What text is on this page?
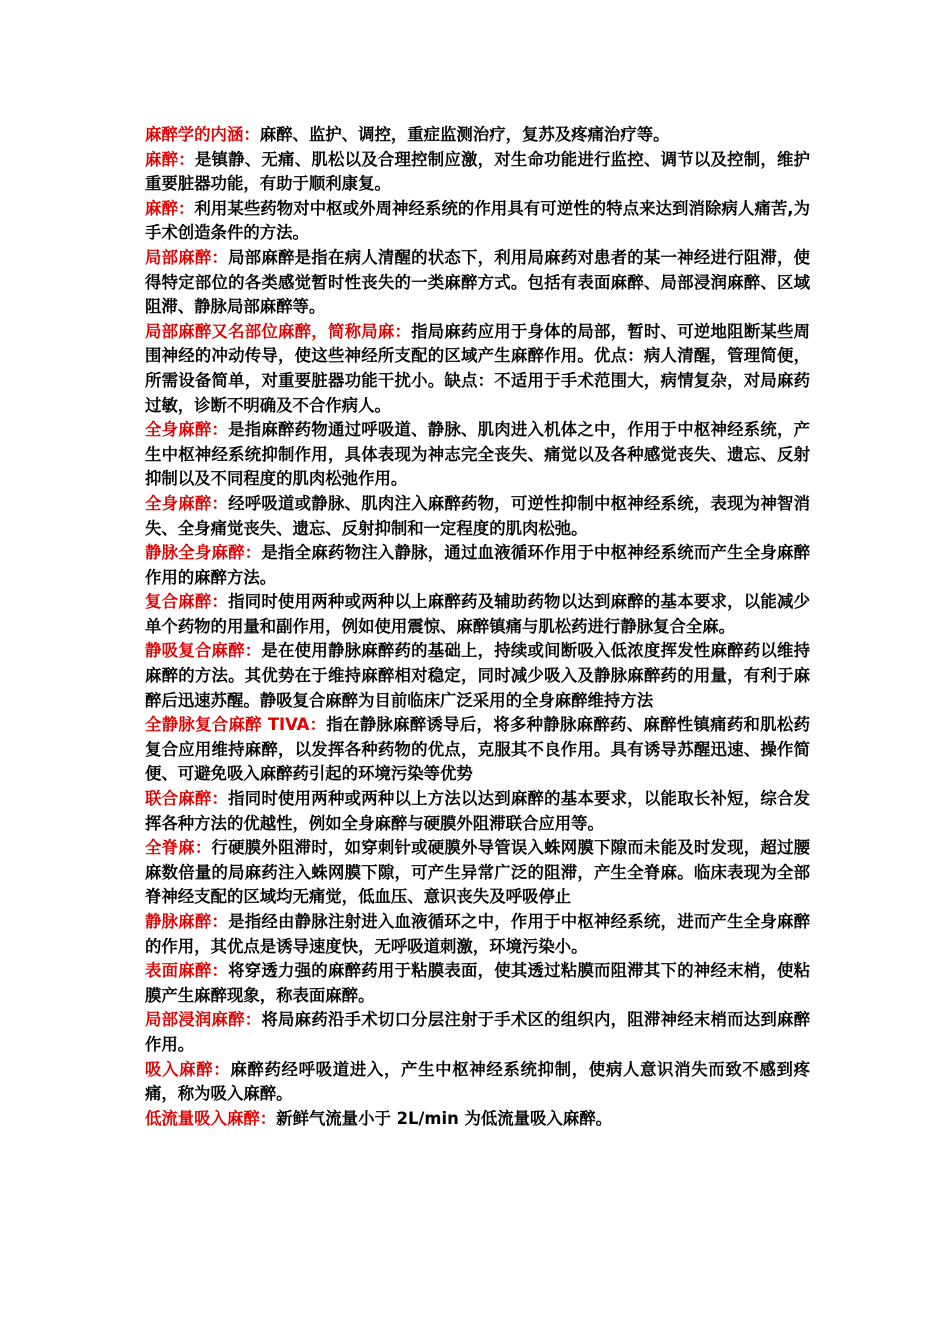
麻醉学的内涵：麻醉、监护、调控，重症监测治疗，复苏及疼痛治疗等。

麻醉：是镇静、无痛、肌松以及合理控制应激，对生命功能进行监控、调节以及控制，维护重要脏器功能，有助于顺利康复。

麻醉：利用某些药物对中枢或外周神经系统的作用具有可逆性的特点来达到消除病人痛苦,为手术创造条件的方法。

局部麻醉：局部麻醉是指在病人清醒的状态下，利用局麻药对患者的某一神经进行阻滞，使得特定部位的各类感觉暂时性丧失的一类麻醉方式。包括有表面麻醉、局部浸润麻醉、区域阻滞、静脉局部麻醉等。

局部麻醉又名部位麻醉，简称局麻：指局麻药应用于身体的局部，暂时、可逆地阻断某些周围神经的冲动传导，使这些神经所支配的区域产生麻醉作用。优点：病人清醒，管理简便，所需设备简单，对重要脏器功能干扰小。缺点：不适用于手术范围大，病情复杂，对局麻药过敏，诊断不明确及不合作病人。

全身麻醉：是指麻醉药物通过呼吸道、静脉、肌肉进入机体之中，作用于中枢神经系统，产生中枢神经系统抑制作用，具体表现为神志完全丧失、痛觉以及各种感觉丧失、遗忘、反射抑制以及不同程度的肌肉松弛作用。

全身麻醉：经呼吸道或静脉、肌肉注入麻醉药物，可逆性抑制中枢神经系统，表现为神智消失、全身痛觉丧失、遗忘、反射抑制和一定程度的肌肉松弛。

静脉全身麻醉：是指全麻药物注入静脉，通过血液循环作用于中枢神经系统而产生全身麻醉作用的麻醉方法。

复合麻醉：指同时使用两种或两种以上麻醉药及辅助药物以达到麻醉的基本要求，以能减少单个药物的用量和副作用，例如使用震惊、麻醉镇痛与肌松药进行静脉复合全麻。

静吸复合麻醉：是在使用静脉麻醉药的基础上，持续或间断吸入低浓度挥发性麻醉药以维持麻醉的方法。其优势在于维持麻醉相对稳定，同时减少吸入及静脉麻醉药的用量，有利于麻醉后迅速苏醒。静吸复合麻醉为目前临床广泛采用的全身麻醉维持方法

全静脉复合麻醉 TIVA：指在静脉麻醉诱导后，将多种静脉麻醉药、麻醉性镇痛药和肌松药复合应用维持麻醉，以发挥各种药物的优点，克服其不良作用。具有诱导苏醒迅速、操作简便、可避免吸入麻醉药引起的环境污染等优势

联合麻醉：指同时使用两种或两种以上方法以达到麻醉的基本要求，以能取长补短，综合发挥各种方法的优越性，例如全身麻醉与硬膜外阻滞联合应用等。

全脊麻：行硬膜外阻滞时，如穿刺针或硬膜外导管误入蛛网膜下隙而未能及时发现，超过腰麻数倍量的局麻药注入蛛网膜下隙，可产生异常广泛的阻滞，产生全脊麻。临床表现为全部脊神经支配的区域均无痛觉，低血压、意识丧失及呼吸停止

静脉麻醉：是指经由静脉注射进入血液循环之中，作用于中枢神经系统，进而产生全身麻醉的作用，其优点是诱导速度快，无呼吸道刺激，环境污染小。

表面麻醉：将穿透力强的麻醉药用于粘膜表面，使其透过粘膜而阻滞其下的神经末梢，使粘膜产生麻醉现象，称表面麻醉。

局部浸润麻醉：将局麻药沿手术切口分层注射于手术区的组织内，阻滞神经末梢而达到麻醉作用。

吸入麻醉：麻醉药经呼吸道进入，产生中枢神经系统抑制，使病人意识消失而致不感到疼痛，称为吸入麻醉。

低流量吸入麻醉：新鲜气流量小于 2L/min 为低流量吸入麻醉。
